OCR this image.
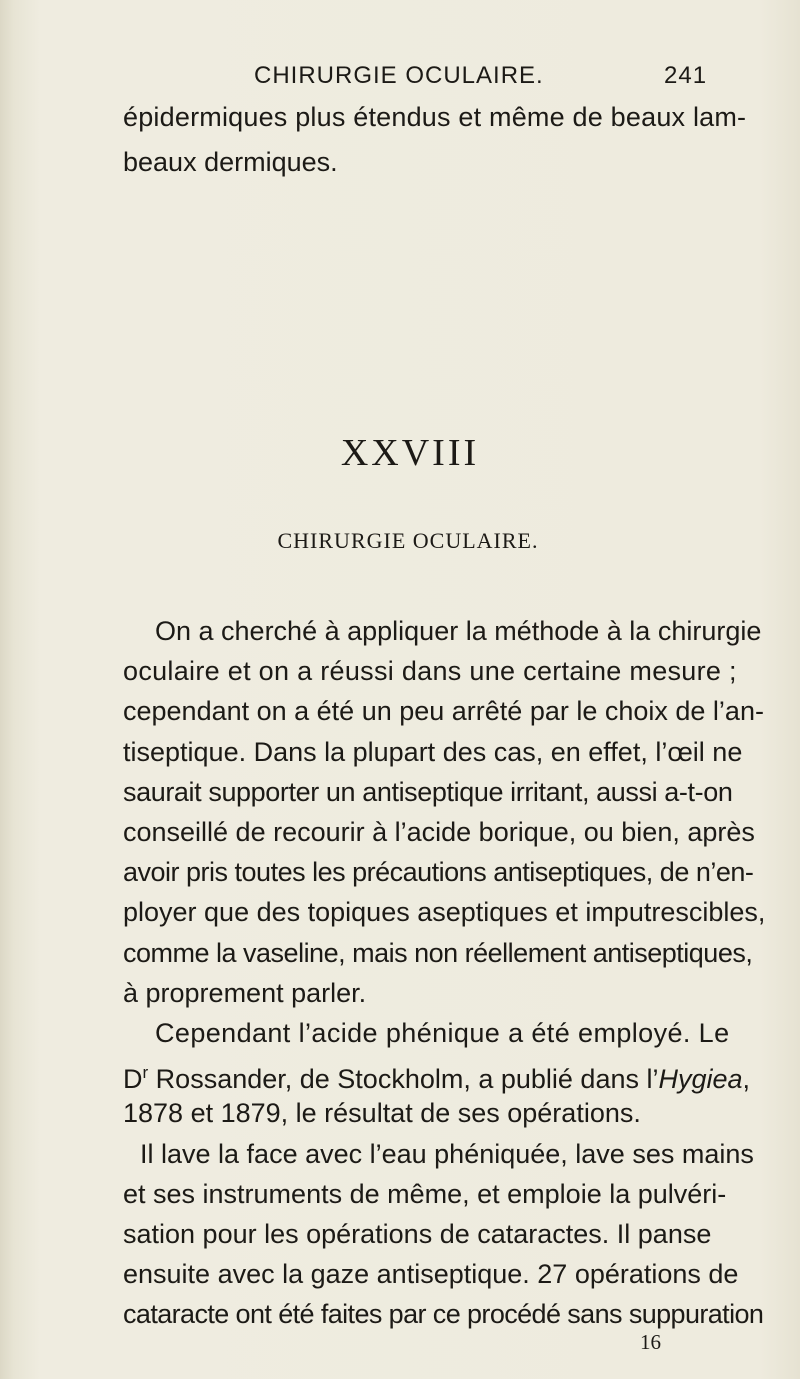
CHIRURGIE OCULAIRE.	241
épidermiques plus étendus et même de beaux lam-
beaux dermiques.
XXVIII
CHIRURGIE OCULAIRE.
On a cherché à appliquer la méthode à la chirurgie
oculaire et on a réussi dans une certaine mesure ;
cependant on a été un peu arrêté par le choix de l’an-
tiseptique. Dans la plupart des cas, en effet, l’œil ne
saurait supporter un antiseptique irritant, aussi a-t-on
conseillé de recourir à l’acide borique, ou bien, après
avoir pris toutes les précautions antiseptiques, de n’en-
ployer que des topiques aseptiques et imputrescibles,
comme la vaseline, mais non réellement antiseptiques,
à proprement parler.
Cependant l’acide phénique a été employé. Le
$D^r$ Rossander, de Stockholm, a publié dans l’Hygiea,
1878 et 1879, le résultat de ses opérations.
Il lave la face avec l’eau phéniquée, lave ses mains
et ses instruments de même, et emploie la pulvéri-
sation pour les opérations de cataractes. Il panse
16
ensuite avec la gaze antiseptique. 27 opérations de
cataracte ont été faites par ce procédé sans suppuration
